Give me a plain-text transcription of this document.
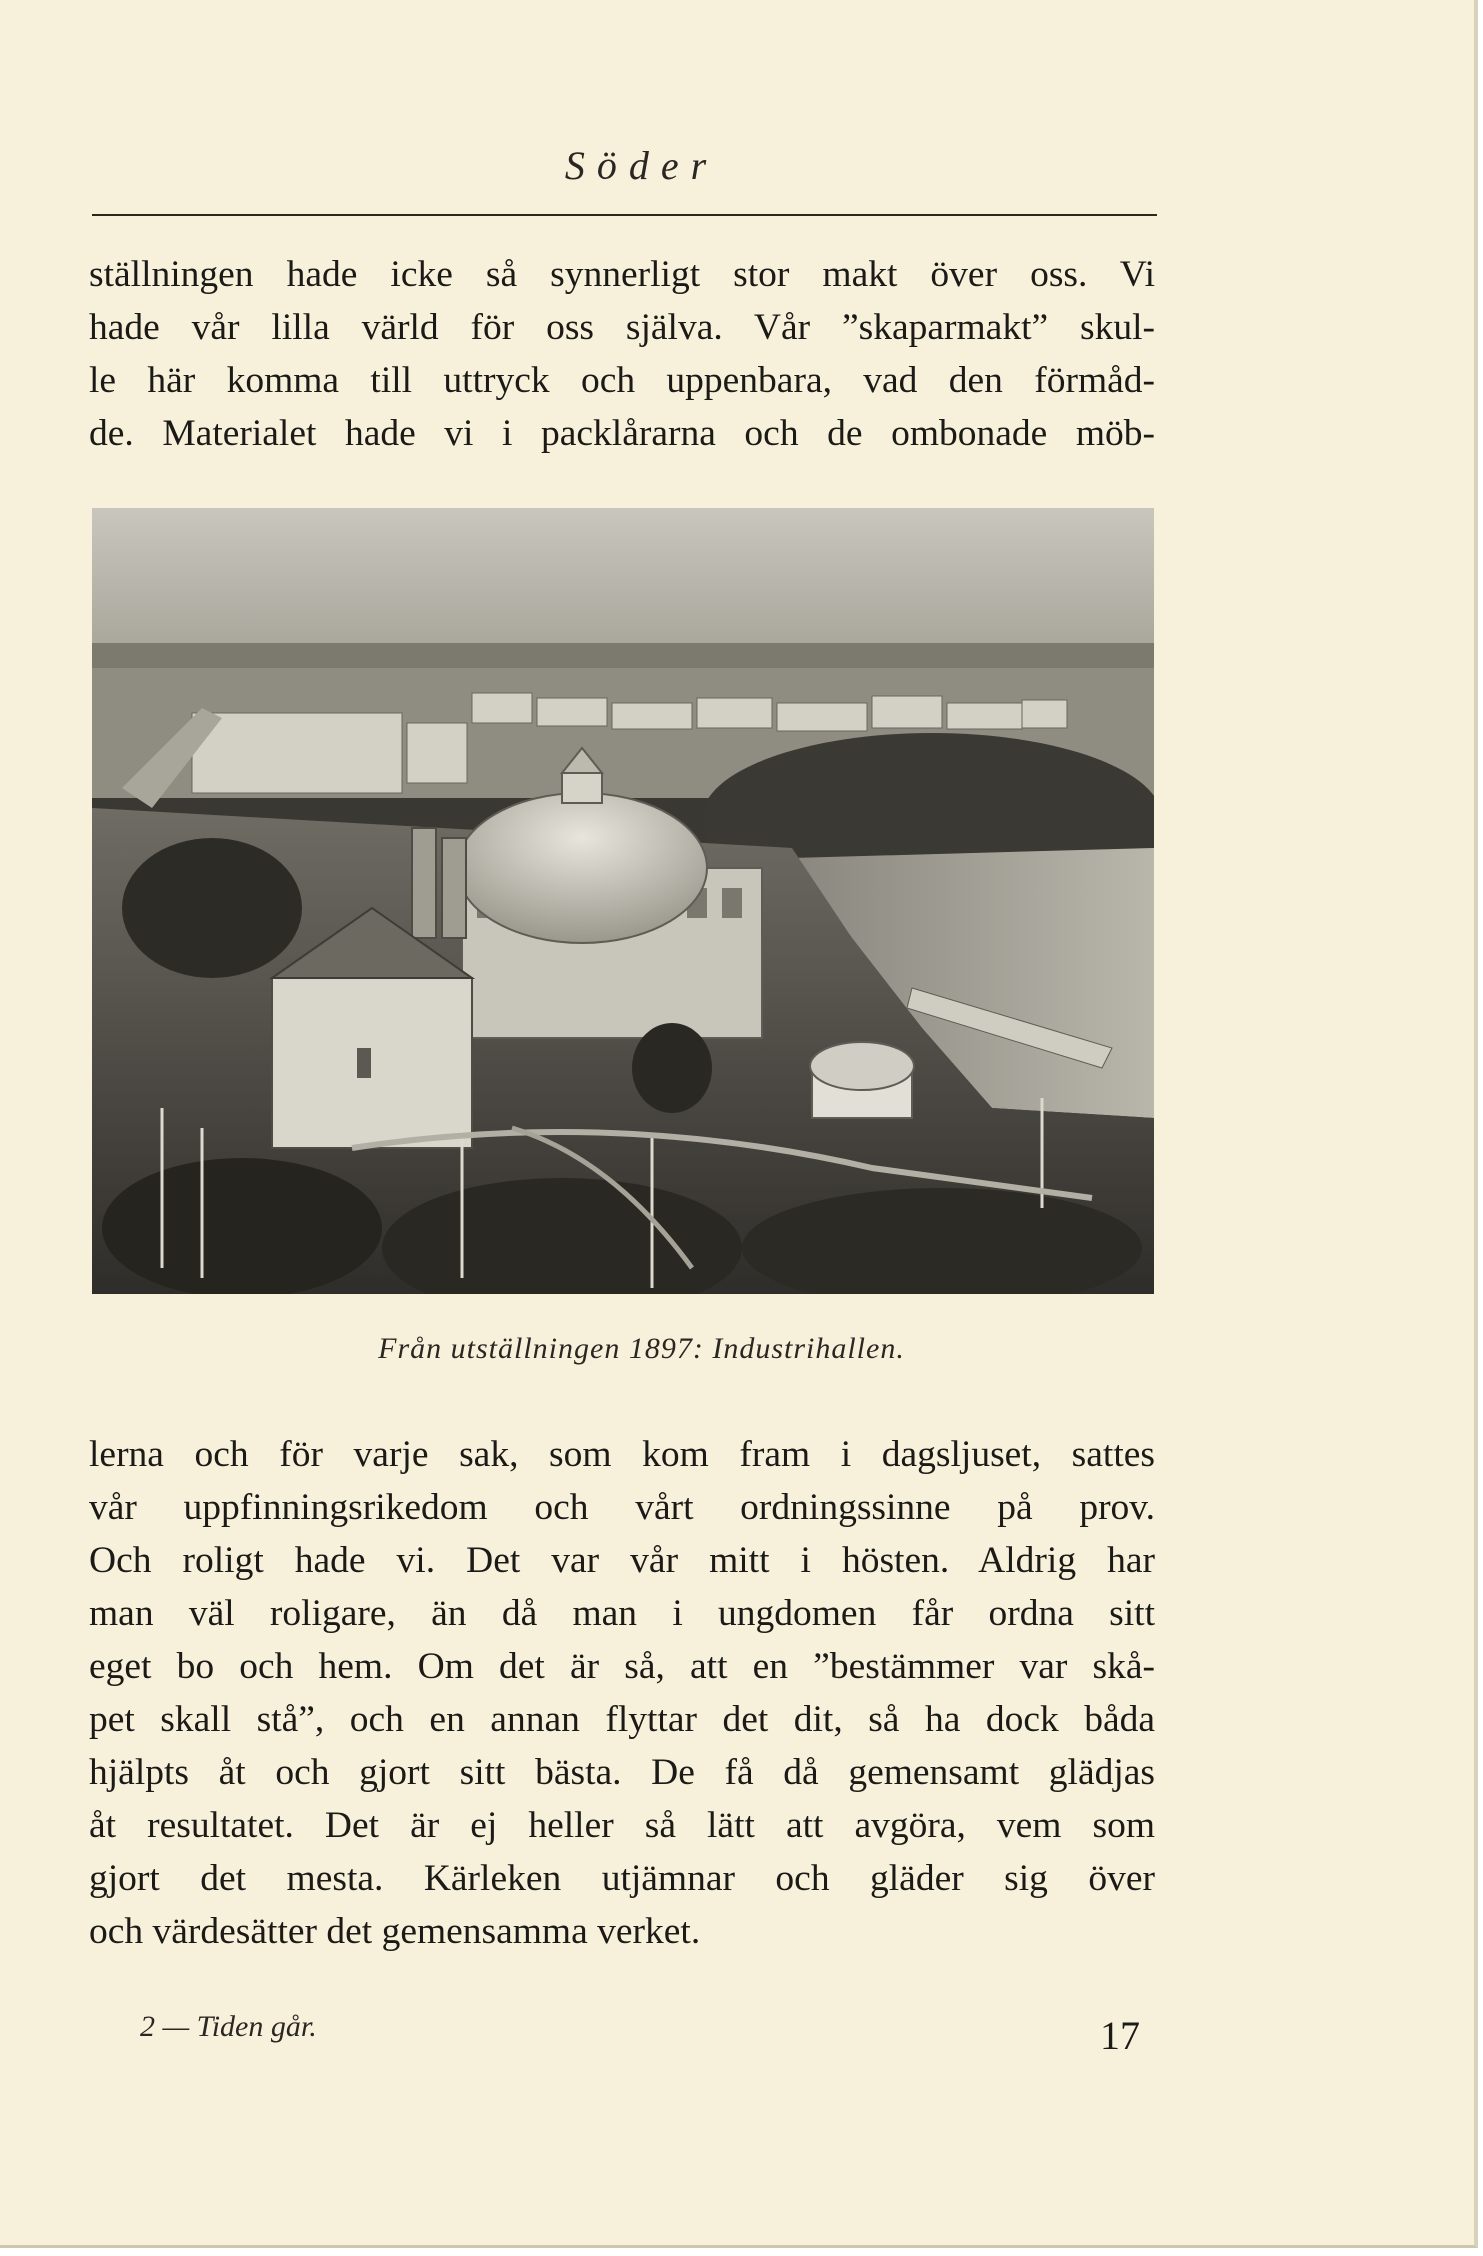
Söder
ställningen hade icke så synnerligt stor makt över oss. Vi
hade vår lilla värld för oss själva. Vår ”skaparmakt” skul-
le här komma till uttryck och uppenbara, vad den förmåd-
de. Materialet hade vi i packlårarna och de ombonade möb-
Från utställningen 1897: Industrihallen.
lerna och för varje sak, som kom fram i dagsljuset, sattes
vår uppfinningsrikedom och vårt ordningssinne på prov.
Och roligt hade vi. Det var vår mitt i hösten. Aldrig har
man väl roligare, än då man i ungdomen får ordna sitt
eget bo och hem. Om det är så, att en ”bestämmer var skå-
pet skall stå”, och en annan flyttar det dit, så ha dock båda
hjälpts åt och gjort sitt bästa. De få då gemensamt glädjas
åt resultatet. Det är ej heller så lätt att avgöra, vem som
gjort det mesta. Kärleken utjämnar och gläder sig över
och värdesätter det gemensamma verket.
2 — Tiden går.	17
